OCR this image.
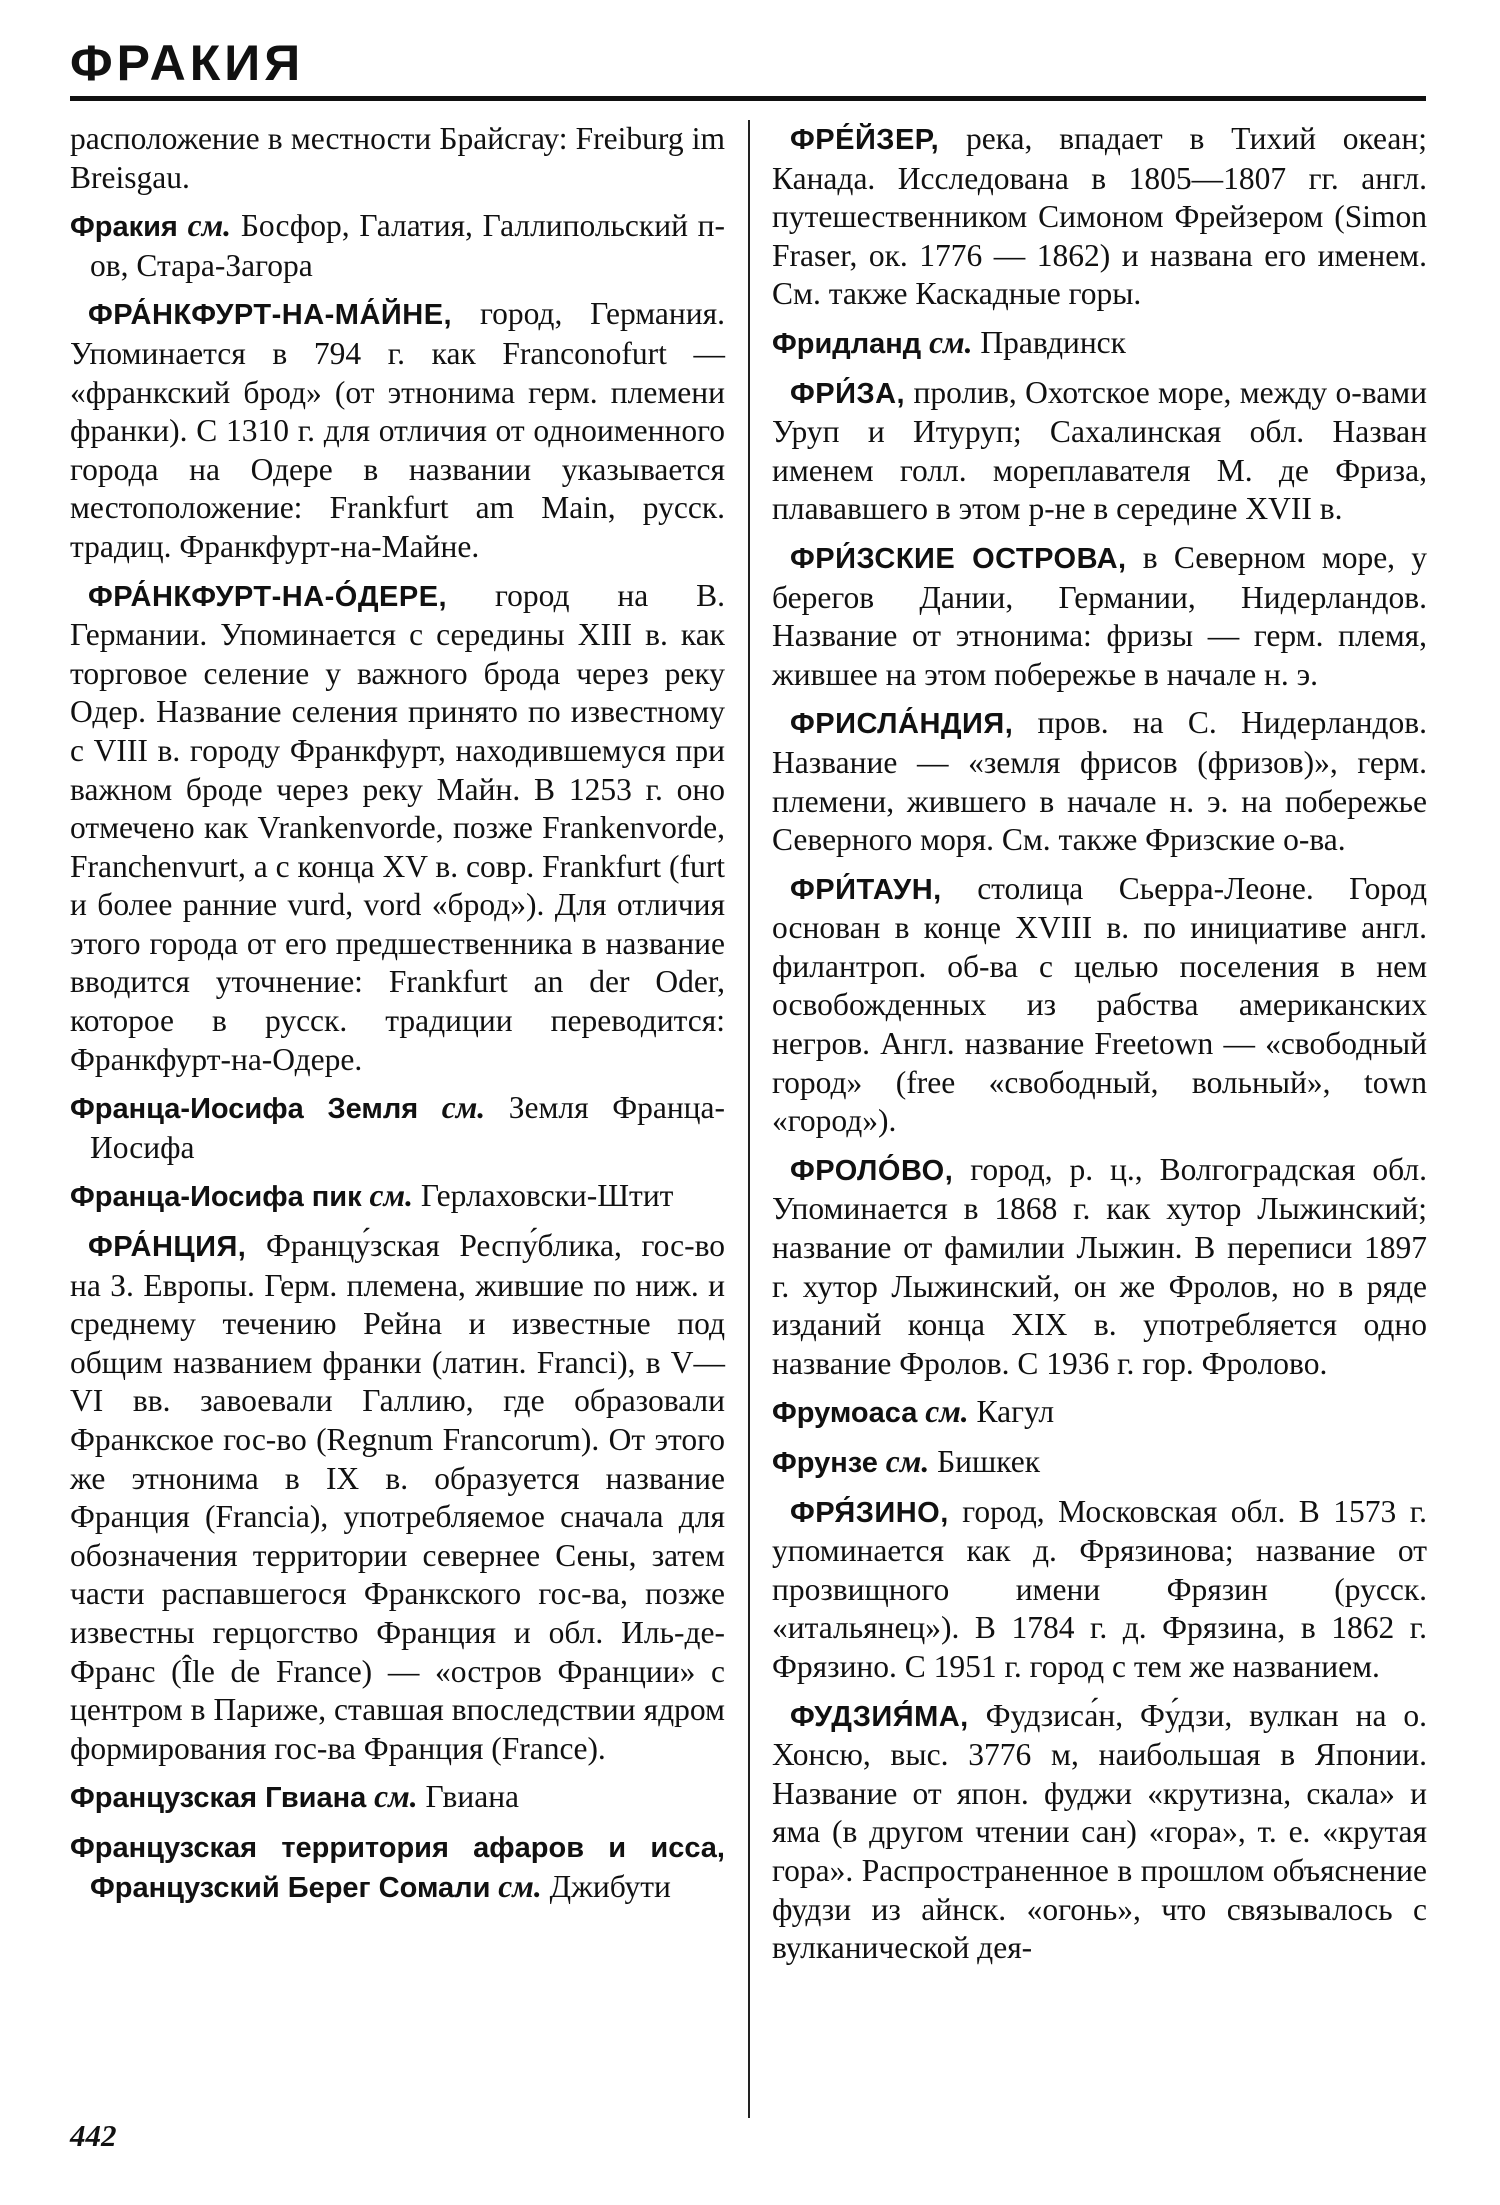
ФРАКИЯ

расположение в местности Брайсгау: Freiburg im Breisgau.

Фракия см. Босфор, Галатия, Галлипольский п-ов, Стара-Загора

ФРА́НКФУРТ-НА-МА́ЙНЕ, город, Германия. Упоминается в 794 г. как Franconofurt — «франкский брод» (от этнонима герм. племени франки). С 1310 г. для отличия от одноименного города на Одере в названии указывается местоположение: Frankfurt am Main, русск. традиц. Франкфурт-на-Майне.

ФРА́НКФУРТ-НА-О́ДЕРЕ, город на В. Германии. Упоминается с середины XIII в. как торговое селение у важного брода через реку Одер. Название селения принято по известному с VIII в. городу Франкфурт, находившемуся при важном броде через реку Майн. В 1253 г. оно отмечено как Vrankenvorde, позже Frankenvorde, Franchenvurt, а с конца XV в. совр. Frankfurt (furt и более ранние vurd, vord «брод»). Для отличия этого города от его предшественника в название вводится уточнение: Frankfurt an der Oder, которое в русск. традиции переводится: Франкфурт-на-Одере.

Франца-Иосифа Земля см. Земля Франца-Иосифа

Франца-Иосифа пик см. Герлаховски-Штит

ФРА́НЦИЯ, Францу́зская Респу́блика, гос-во на З. Европы. Герм. племена, жившие по ниж. и среднему течению Рейна и известные под общим названием франки (латин. Franci), в V—VI вв. завоевали Галлию, где образовали Франкское гос-во (Regnum Francorum). От этого же этнонима в IX в. образуется название Франция (Francia), употребляемое сначала для обозначения территории севернее Сены, затем части распавшегося Франкского гос-ва, позже известны герцогство Франция и обл. Иль-де-Франс (Île de France) — «остров Франции» с центром в Париже, ставшая впоследствии ядром формирования гос-ва Франция (France).

Французская Гвиана см. Гвиана

Французская территория афаров и исса, Французский Берег Сомали см. Джибути

ФРЕ́ЙЗЕР, река, впадает в Тихий океан; Канада. Исследована в 1805—1807 гг. англ. путешественником Симоном Фрейзером (Simon Fraser, ок. 1776 — 1862) и названа его именем. См. также Каскадные горы.

Фридланд см. Правдинск

ФРИ́ЗА, пролив, Охотское море, между о-вами Уруп и Итуруп; Сахалинская обл. Назван именем голл. мореплавателя М. де Фриза, плававшего в этом р-не в середине XVII в.

ФРИ́ЗСКИЕ ОСТРОВА, в Северном море, у берегов Дании, Германии, Нидерландов. Название от этнонима: фризы — герм. племя, жившее на этом побережье в начале н. э.

ФРИСЛА́НДИЯ, пров. на С. Нидерландов. Название — «земля фрисов (фризов)», герм. племени, жившего в начале н. э. на побережье Северного моря. См. также Фризские о-ва.

ФРИ́ТАУН, столица Сьерра-Леоне. Город основан в конце XVIII в. по инициативе англ. филантроп. об-ва с целью поселения в нем освобожденных из рабства американских негров. Англ. название Freetown — «свободный город» (free «свободный, вольный», town «город»).

ФРОЛО́ВО, город, р. ц., Волгоградская обл. Упоминается в 1868 г. как хутор Лыжинский; название от фамилии Лыжин. В переписи 1897 г. хутор Лыжинский, он же Фролов, но в ряде изданий конца XIX в. употребляется одно название Фролов. С 1936 г. гор. Фролово.

Фрумоаса см. Кагул

Фрунзе см. Бишкек

ФРЯ́ЗИНО, город, Московская обл. В 1573 г. упоминается как д. Фрязинова; название от прозвищного имени Фрязин (русск. «итальянец»). В 1784 г. д. Фрязина, в 1862 г. Фрязино. С 1951 г. город с тем же названием.

ФУДЗИЯ́МА, Фудзиса́н, Фу́дзи, вулкан на о. Хонсю, выс. 3776 м, наибольшая в Японии. Название от япон. фуджи «крутизна, скала» и яма (в другом чтении сан) «гора», т. е. «крутая гора». Распространенное в прошлом объяснение фудзи из айнск. «огонь», что связывалось с вулканической дея-

442
